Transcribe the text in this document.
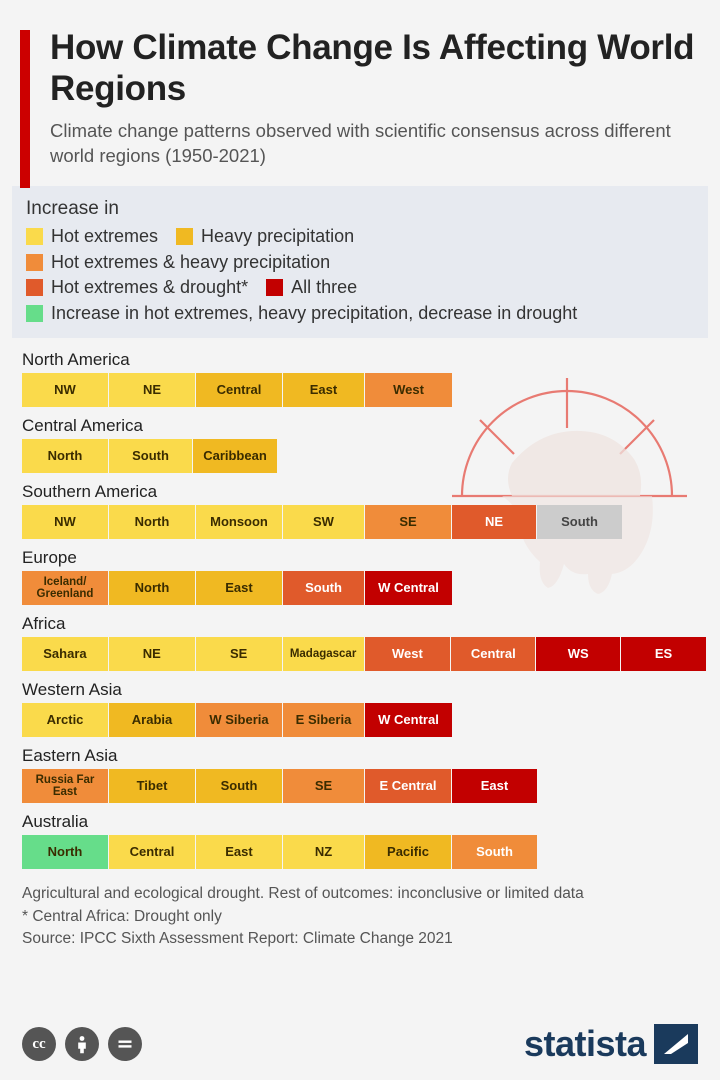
How Climate Change Is Affecting World Regions

Climate change patterns observed with scientific consensus across different world regions (1950-2021)

Increase in
Hot extremes Heavy precipitation
Hot extremes & heavy precipitation
Hot extremes & drought* All three
Increase in hot extremes, heavy precipitation, decrease in drought
North America
NW	NE	Central	East	West
Central America
North	South	Caribbean
Southern America
NW	North	Monsoon	SW	SE	NE	South
Europe
Iceland/ Greenland	North	East	South	W Central
Africa
Sahara	NE	SE	Madagascar	West	Central	WS	ES
Western Asia
Arctic	Arabia	W Siberia	E Siberia	W Central
Eastern Asia
Russia Far East	Tibet	South	SE	E Central	East
Australia
North	Central	East	NZ	Pacific	South
Agricultural and ecological drought. Rest of outcomes: inconclusive or limited data
* Central Africa: Drought only
Source: IPCC Sixth Assessment Report: Climate Change 2021
cc	statista
